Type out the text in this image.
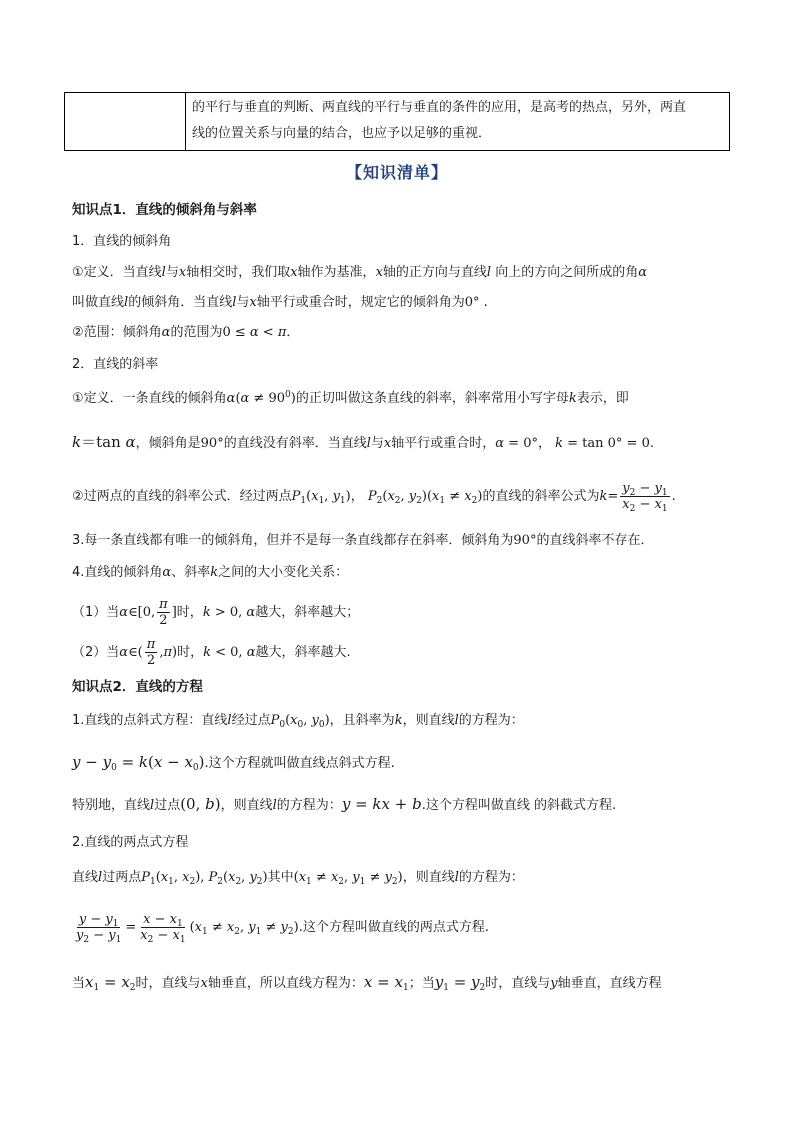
的平行与垂直的判断、两直线的平行与垂直的条件的应用，是高考的热点，另外，两直
线的位置关系与向量的结合，也应予以足够的重视．
【知识清单】
知识点1．直线的倾斜角与斜率
1．直线的倾斜角
①定义．当直线l与x轴相交时，我们取x轴作为基准，x轴的正方向与直线l 向上的方向之间所成的角α
叫做直线l的倾斜角．当直线l与x轴平行或重合时，规定它的倾斜角为0° .
②范围：倾斜角α的范围为0 ≤ α < π．
2．直线的斜率
①定义．一条直线的倾斜角$\alpha(\alpha \ne 90^0)$的正切叫做这条直线的斜率，斜率常用小写字母k表示，即
k＝tan α，倾斜角是90°的直线没有斜率．当直线l与x轴平行或重合时，α = 0°， k = tan 0° = 0.
②过两点的直线的斜率公式．经过两点$P_1(x_1$, $y_1$)， $P_2(x_2$, $y_2)(x_1 \ne x_2)$的直线的斜率公式为$k= \frac{y_2 - y_1}{x_2 - x_1}$ .
3.每一条直线都有唯一的倾斜角，但并不是每一条直线都存在斜率．倾斜角为90°的直线斜率不存在．
4.直线的倾斜角α、斜率k之间的大小变化关系：
（1）当α∈[0, $\frac{\pi}{2}$ ]时，k > 0, α越大，斜率越大；
（2）当α∈( $\frac{\pi}{2} ,\pi$)时，k < 0, α越大，斜率越大.
知识点2．直线的方程
1.直线的点斜式方程：直线l经过点$P_0(x_0$, $y_0$)，且斜率为k，则直线l的方程为：
$y - y_0 = k(x - x_0)$.这个方程就叫做直线点斜式方程.
特别地，直线l过点(0, b)，则直线l的方程为：y = kx + b.这个方程叫做直线 的斜截式方程.
2.直线的两点式方程
直线l过两点$P_1(x_1$, $x_2$), $P_2(x_2$, $y_2$)其中($x_1 \ne x_2$, $y_1 \ne y_2$)，则直线l的方程为：
$\frac{y - y_1}{y_2 - y_1} = \frac{x - x_1}{x_2 - x_1} (x_1 \ne x_2$, $y_1 \ne y_2$).这个方程叫做直线的两点式方程.
当$x_1 = x_2$时，直线与x轴垂直，所以直线方程为：$x = x_1$；当$y_1 = y_2$时，直线与y轴垂直，直线方程
